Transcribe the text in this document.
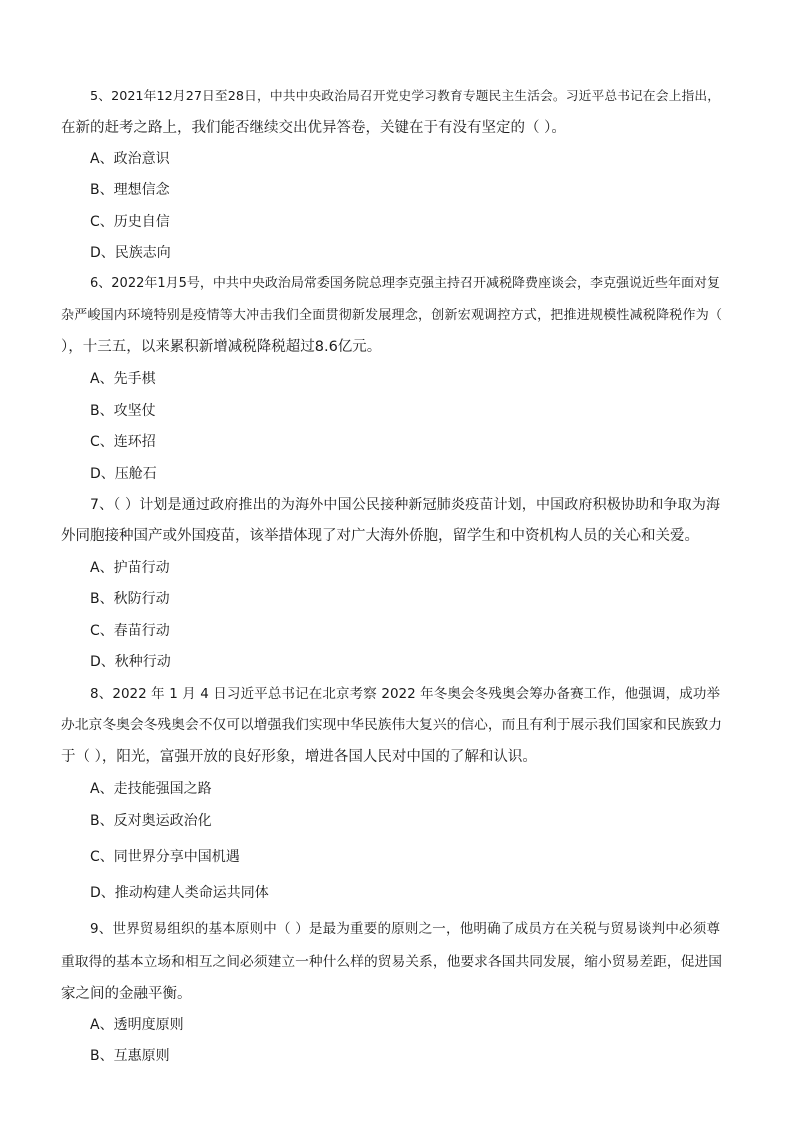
5、2021年12月27日至28日，中共中央政治局召开党史学习教育专题民主生活会。习近平总书记在会上指出，
在新的赶考之路上，我们能否继续交出优异答卷，关键在于有没有坚定的（ ）。
A、政治意识
B、理想信念
C、历史自信
D、民族志向
6、2022年1月5号，中共中央政治局常委国务院总理李克强主持召开减税降费座谈会，李克强说近些年面对复
杂严峻国内环境特别是疫情等大冲击我们全面贯彻新发展理念，创新宏观调控方式，把推进规模性减税降税作为（
），十三五，以来累积新增减税降税超过8.6亿元。
A、先手棋
B、攻坚仗
C、连环招
D、压舱石
7、（ ）计划是通过政府推出的为海外中国公民接种新冠肺炎疫苗计划，中国政府积极协助和争取为海
外同胞接种国产或外国疫苗，该举措体现了对广大海外侨胞，留学生和中资机构人员的关心和关爱。
A、护苗行动
B、秋防行动
C、春苗行动
D、秋种行动
8、2022 年 1 月 4 日习近平总书记在北京考察 2022 年冬奥会冬残奥会筹办备赛工作，他强调，成功举
办北京冬奥会冬残奥会不仅可以增强我们实现中华民族伟大复兴的信心，而且有利于展示我们国家和民族致力
于（ ），阳光，富强开放的良好形象，增进各国人民对中国的了解和认识。
A、走技能强国之路
B、反对奥运政治化
C、同世界分享中国机遇
D、推动构建人类命运共同体
9、世界贸易组织的基本原则中（ ）是最为重要的原则之一，他明确了成员方在关税与贸易谈判中必须尊
重取得的基本立场和相互之间必须建立一种什么样的贸易关系，他要求各国共同发展，缩小贸易差距，促进国
家之间的金融平衡。
A、透明度原则
B、互惠原则
